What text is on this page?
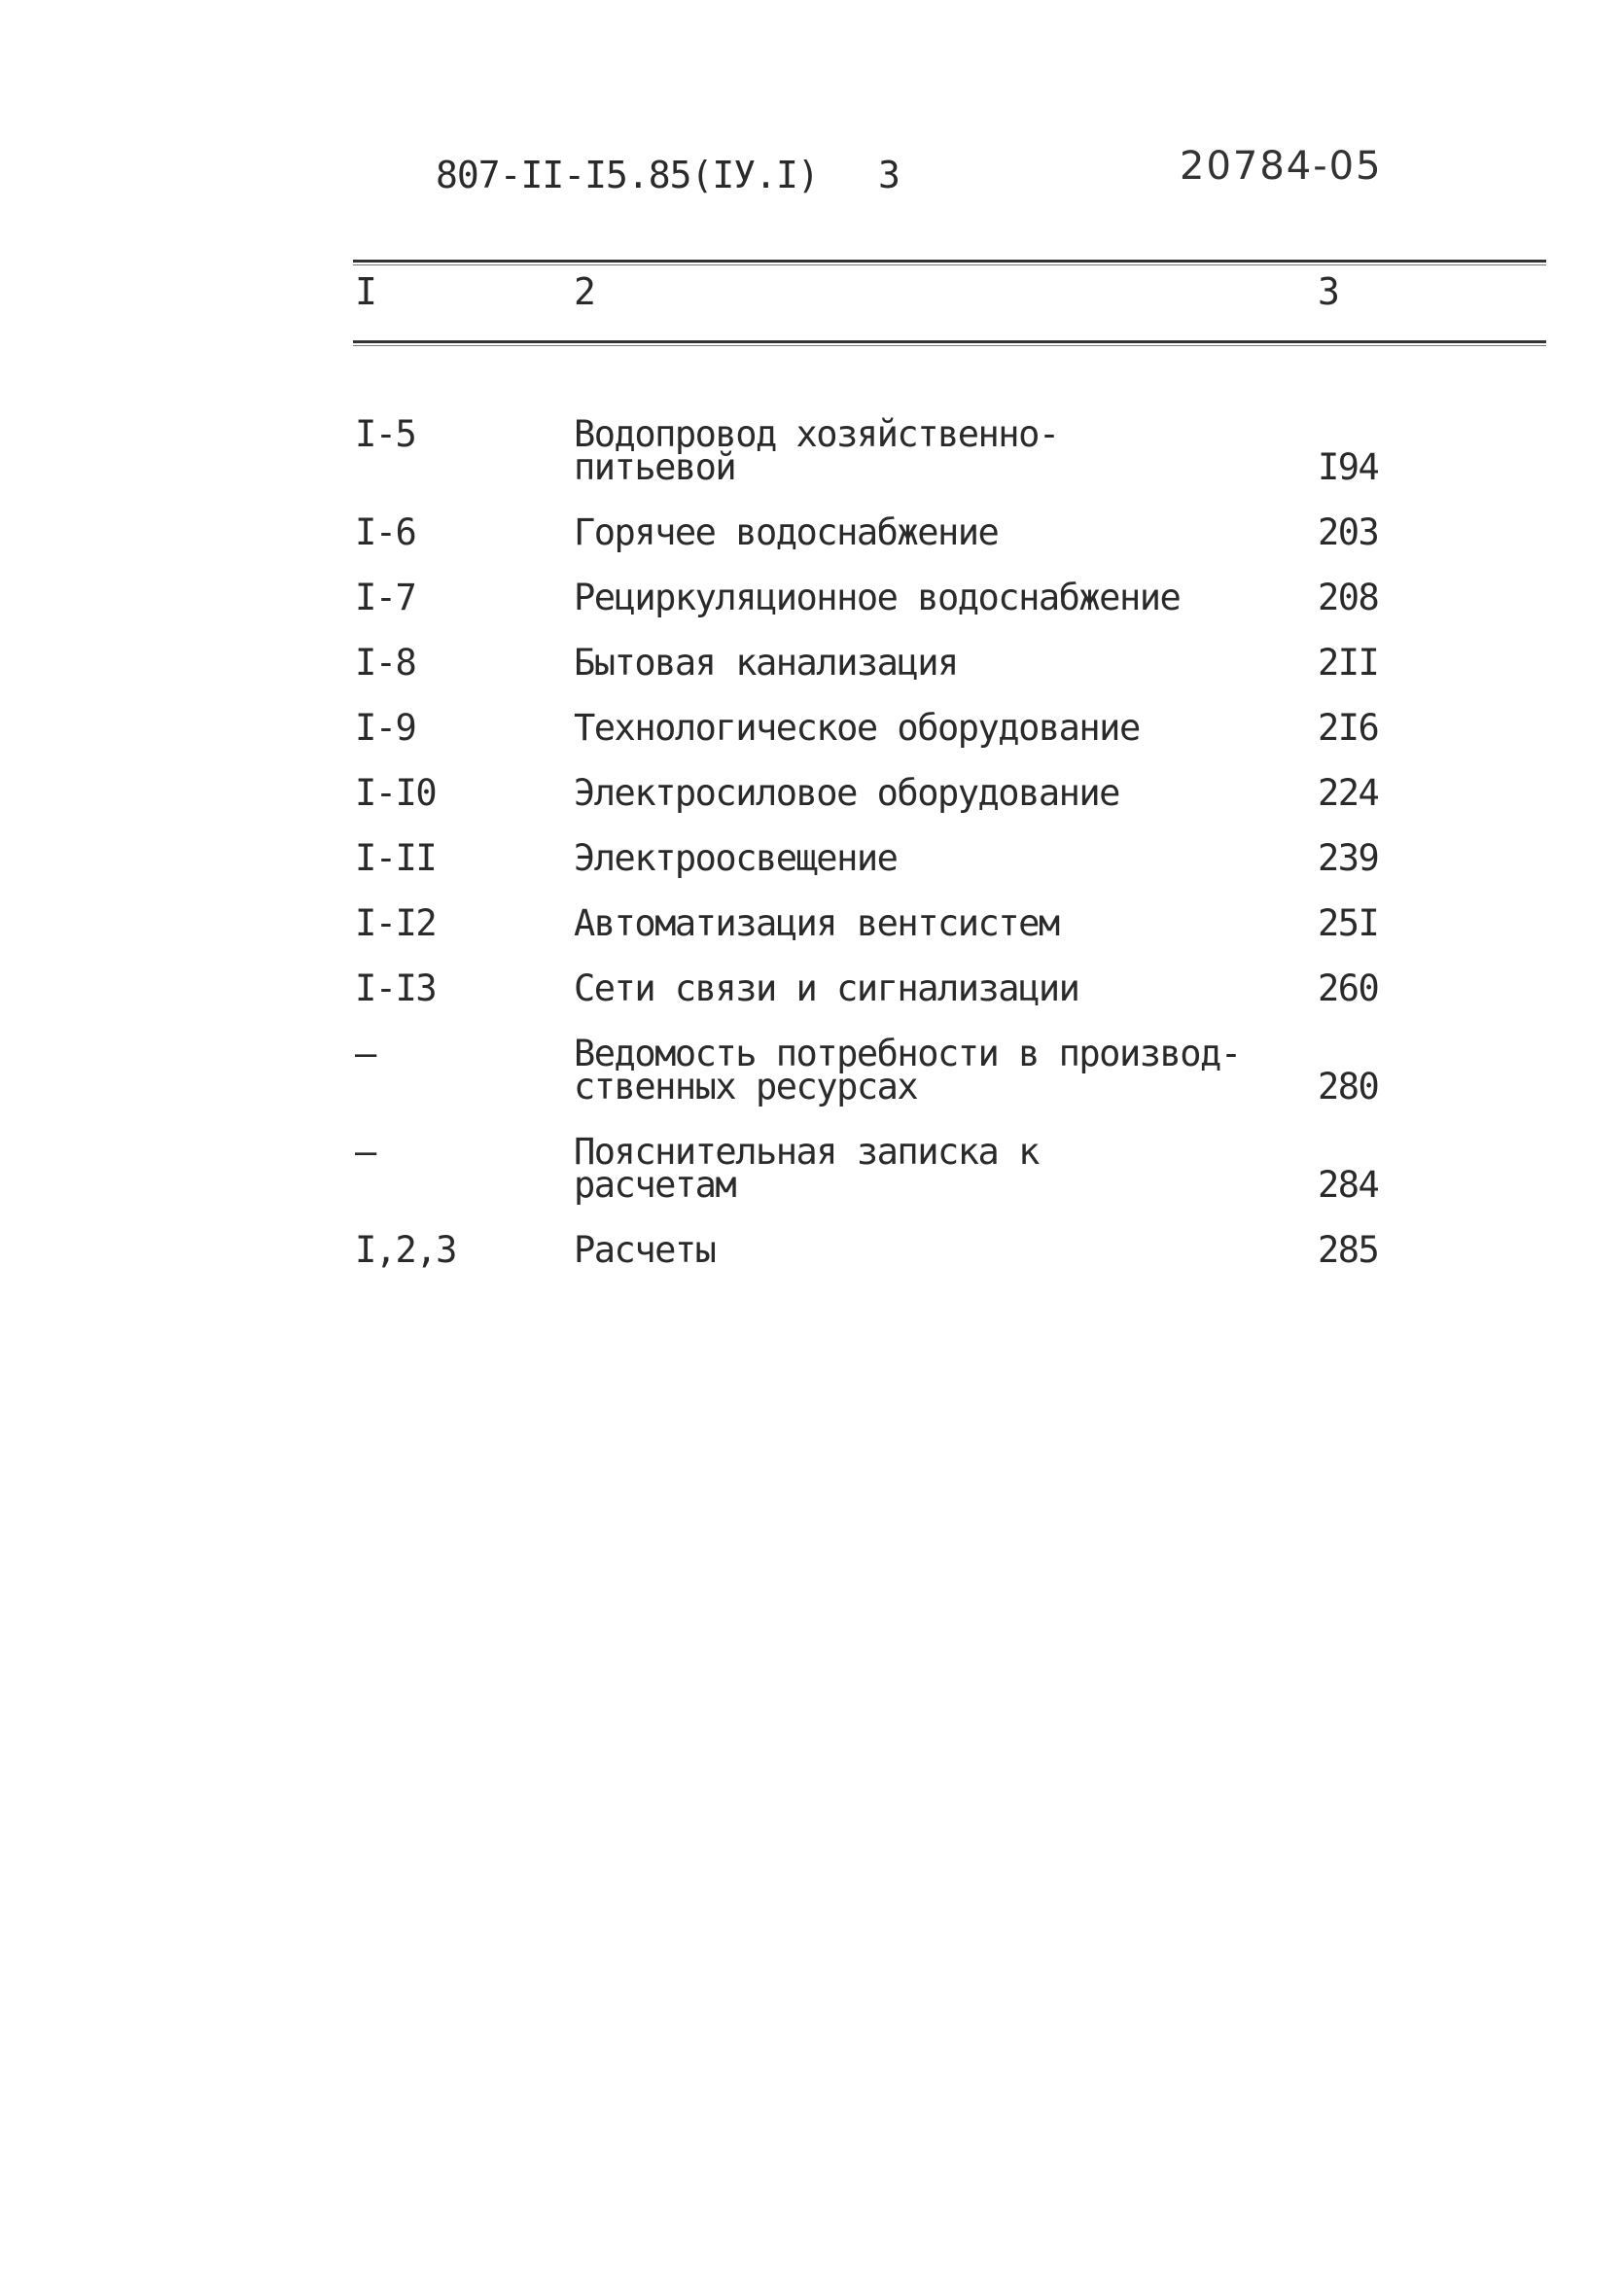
807-II-I5.85(IУ.I) 3	20784-05
I	2	3
I-5	Водопровод хозяйственно-
питьевой	I94
I-6	Горячее водоснабжение	203
I-7	Рециркуляционное водоснабжение	208
I-8	Бытовая канализация	2II
I-9	Технологическое оборудование	2I6
I-I0	Электросиловое оборудование	224
I-II	Электроосвещение	239
I-I2	Автоматизация вентсистем	25I
I-I3	Сети связи и сигнализации	260
–	Ведомость потребности в производ-
ственных ресурсах	280
–	Пояснительная записка к
расчетам	284
I,2,3	Расчеты	285
